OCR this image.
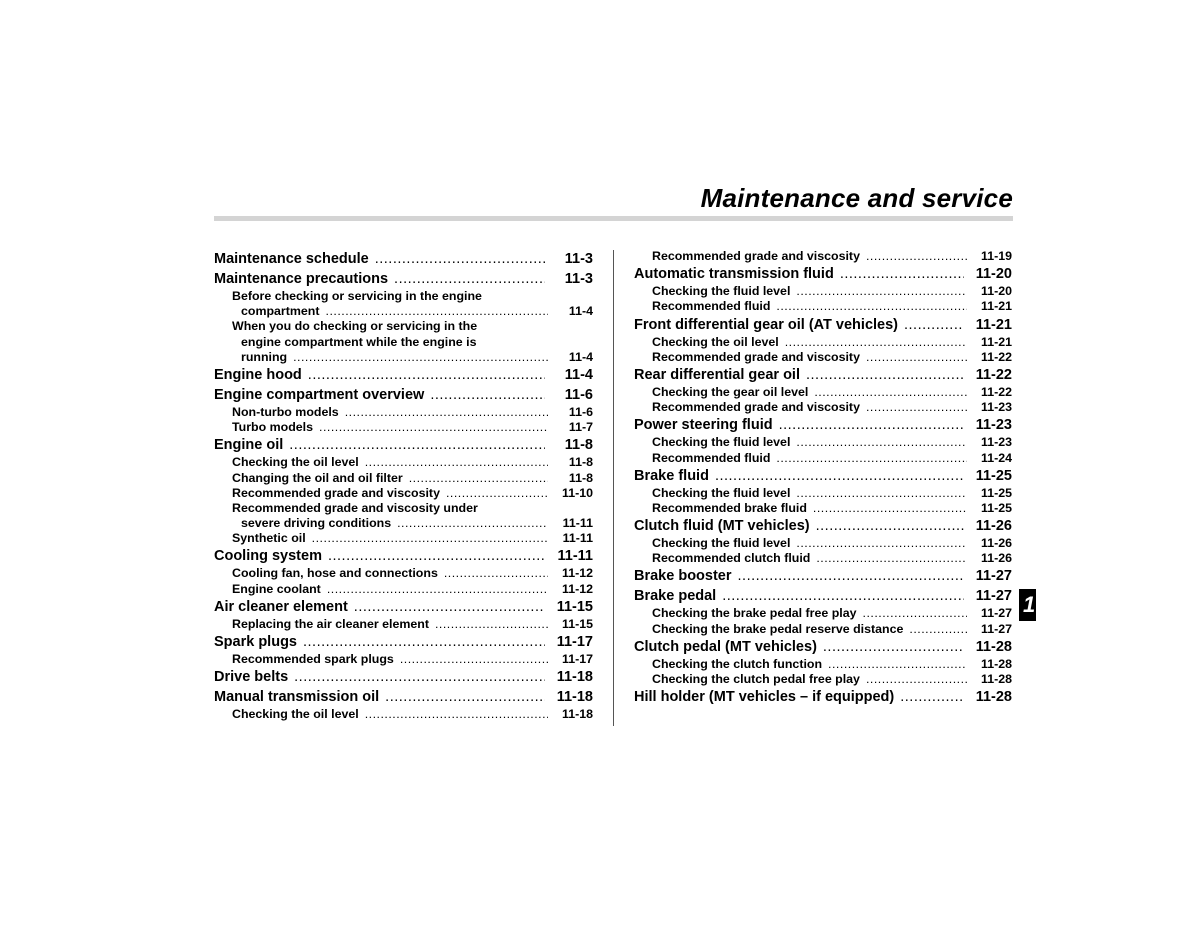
Maintenance and service
Maintenance schedule .....	11-3
Maintenance precautions .....	11-3
Before checking or servicing in the engine
compartment .....	11-4
When you do checking or servicing in the
engine compartment while the engine is
running .....	11-4
Engine hood .....	11-4
Engine compartment overview .....	11-6
Non-turbo models .....	11-6
Turbo models .....	11-7
Engine oil .....	11-8
Checking the oil level .....	11-8
Changing the oil and oil filter .....	11-8
Recommended grade and viscosity .....	11-10
Recommended grade and viscosity under
severe driving conditions .....	11-11
Synthetic oil .....	11-11
Cooling system .....	11-11
Cooling fan, hose and connections .....	11-12
Engine coolant .....	11-12
Air cleaner element .....	11-15
Replacing the air cleaner element .....	11-15
Spark plugs .....	11-17
Recommended spark plugs .....	11-17
Drive belts .....	11-18
Manual transmission oil .....	11-18
Checking the oil level .....	11-18
Recommended grade and viscosity .....	11-19
Automatic transmission fluid .....	11-20
Checking the fluid level .....	11-20
Recommended fluid .....	11-21
Front differential gear oil (AT vehicles) .....	11-21
Checking the oil level .....	11-21
Recommended grade and viscosity .....	11-22
Rear differential gear oil .....	11-22
Checking the gear oil level .....	11-22
Recommended grade and viscosity .....	11-23
Power steering fluid .....	11-23
Checking the fluid level .....	11-23
Recommended fluid .....	11-24
Brake fluid .....	11-25
Checking the fluid level .....	11-25
Recommended brake fluid .....	11-25
Clutch fluid (MT vehicles) .....	11-26
Checking the fluid level .....	11-26
Recommended clutch fluid .....	11-26
Brake booster .....	11-27
Brake pedal .....	11-27
Checking the brake pedal free play .....	11-27
Checking the brake pedal reserve distance .....	11-27
Clutch pedal (MT vehicles) .....	11-28
Checking the clutch function .....	11-28
Checking the clutch pedal free play .....	11-28
Hill holder (MT vehicles – if equipped) .....	11-28
1
